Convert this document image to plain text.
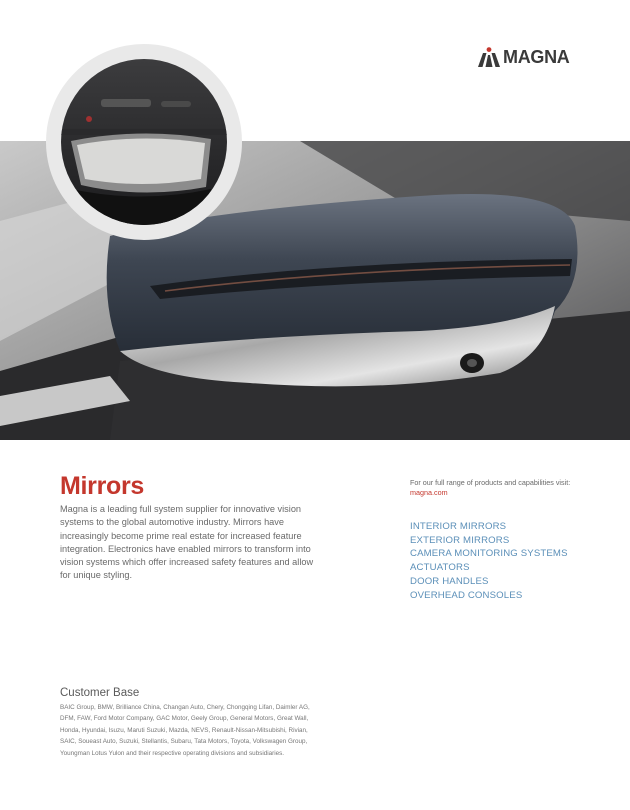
MAGNA
Mirrors
Magna is a leading full system supplier for innovative vision systems to the global automotive industry. Mirrors have increasingly become prime real estate for increased feature integration. Electronics have enabled mirrors to transform into vision systems which offer increased safety features and allow for unique styling.
For our full range of products and capabilities visit:
magna.com
INTERIOR MIRRORS
EXTERIOR MIRRORS
CAMERA MONITORING SYSTEMS
ACTUATORS
DOOR HANDLES
OVERHEAD CONSOLES
Customer Base
BAIC Group, BMW, Brilliance China, Changan Auto, Chery, Chongqing Lifan, Daimler AG, DFM, FAW, Ford Motor Company, GAC Motor, Geely Group, General Motors, Great Wall, Honda, Hyundai, Isuzu, Maruti Suzuki, Mazda, NEVS, Renault-Nissan-Mitsubishi, Rivian, SAIC, Soueast Auto, Suzuki, Stellantis, Subaru, Tata Motors, Toyota, Volkswagen Group, Youngman Lotus Yulon and their respective operating divisions and subsidiaries.
